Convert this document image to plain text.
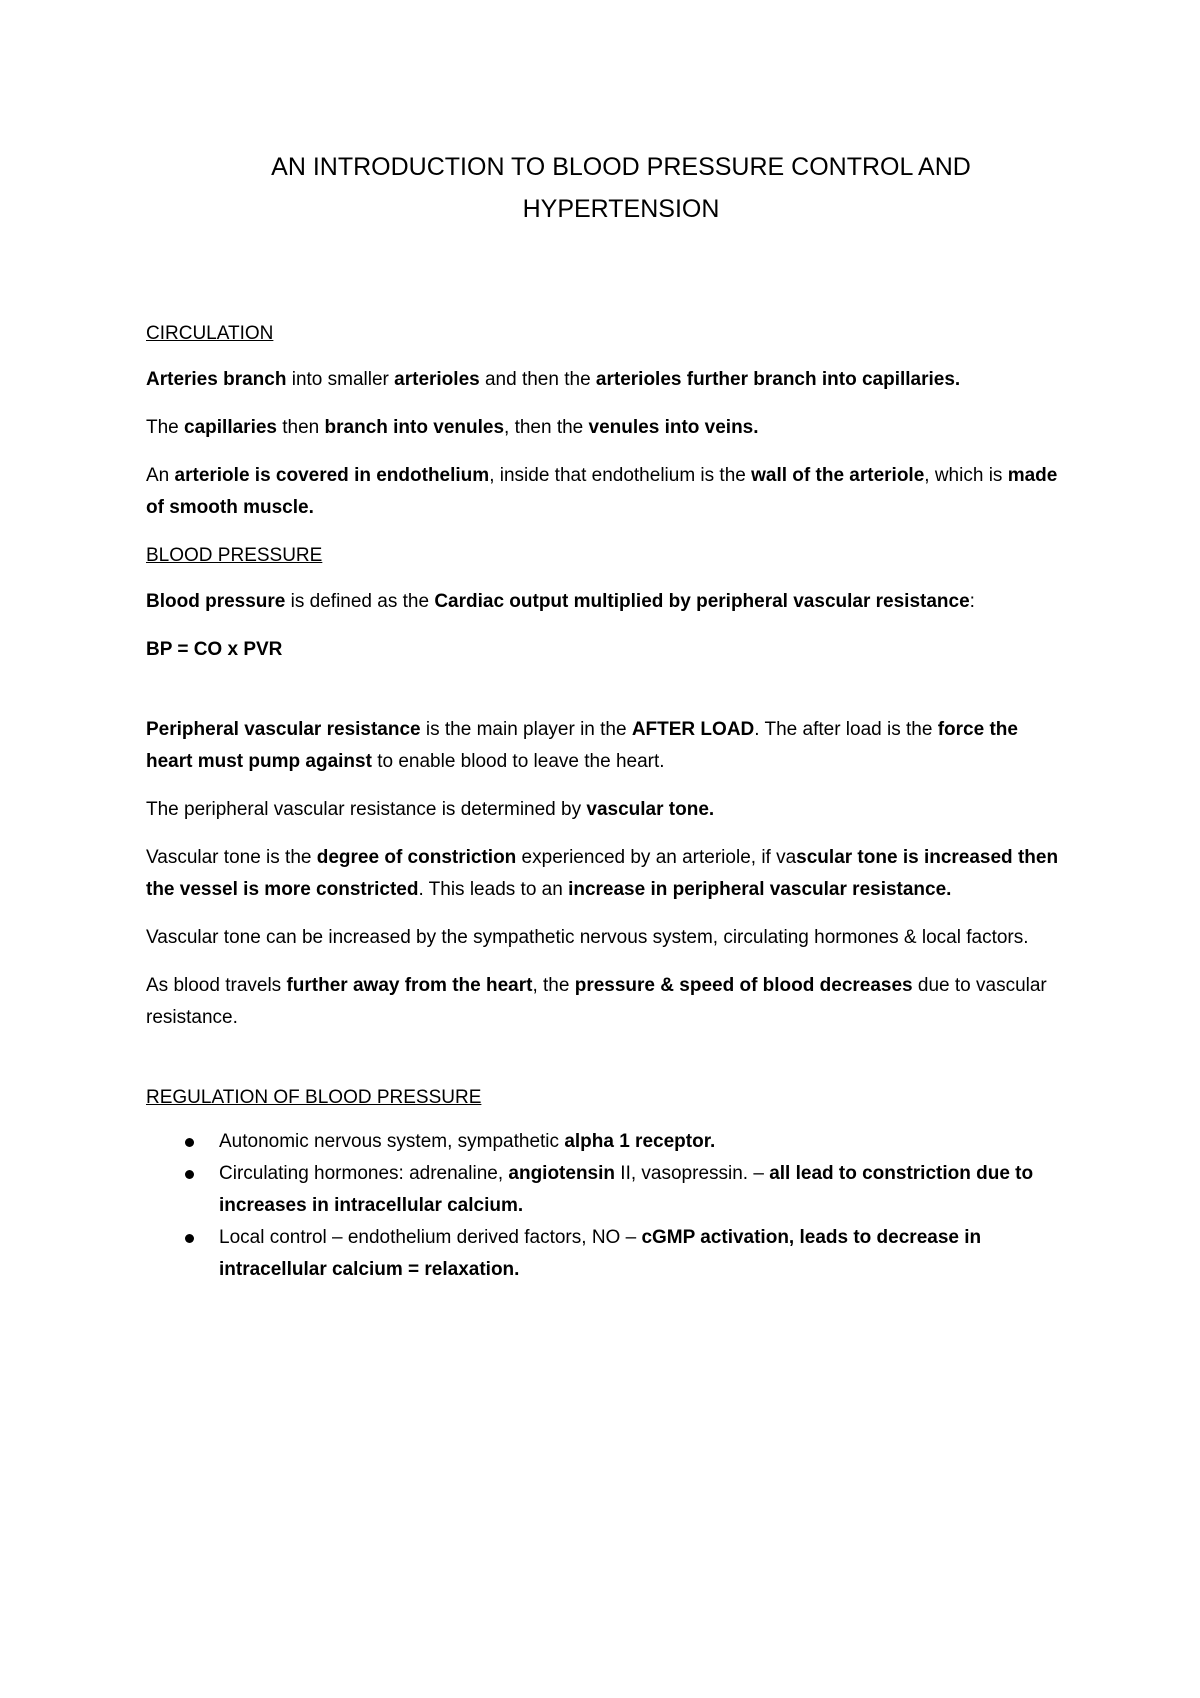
AN INTRODUCTION TO BLOOD PRESSURE CONTROL AND
HYPERTENSION

CIRCULATION

Arteries branch into smaller arterioles and then the arterioles further branch into capillaries.

The capillaries then branch into venules, then the venules into veins.

An arteriole is covered in endothelium, inside that endothelium is the wall of the arteriole, which is made of smooth muscle.

BLOOD PRESSURE

Blood pressure is defined as the Cardiac output multiplied by peripheral vascular resistance:

BP = CO x PVR

Peripheral vascular resistance is the main player in the AFTER LOAD. The after load is the force the heart must pump against to enable blood to leave the heart.

The peripheral vascular resistance is determined by vascular tone.

Vascular tone is the degree of constriction experienced by an arteriole, if vascular tone is increased then the vessel is more constricted. This leads to an increase in peripheral vascular resistance.

Vascular tone can be increased by the sympathetic nervous system, circulating hormones & local factors.

As blood travels further away from the heart, the pressure & speed of blood decreases due to vascular resistance.

REGULATION OF BLOOD PRESSURE

Autonomic nervous system, sympathetic alpha 1 receptor.
Circulating hormones: adrenaline, angiotensin II, vasopressin. – all lead to constriction due to increases in intracellular calcium.
Local control – endothelium derived factors, NO – cGMP activation, leads to decrease in intracellular calcium = relaxation.
